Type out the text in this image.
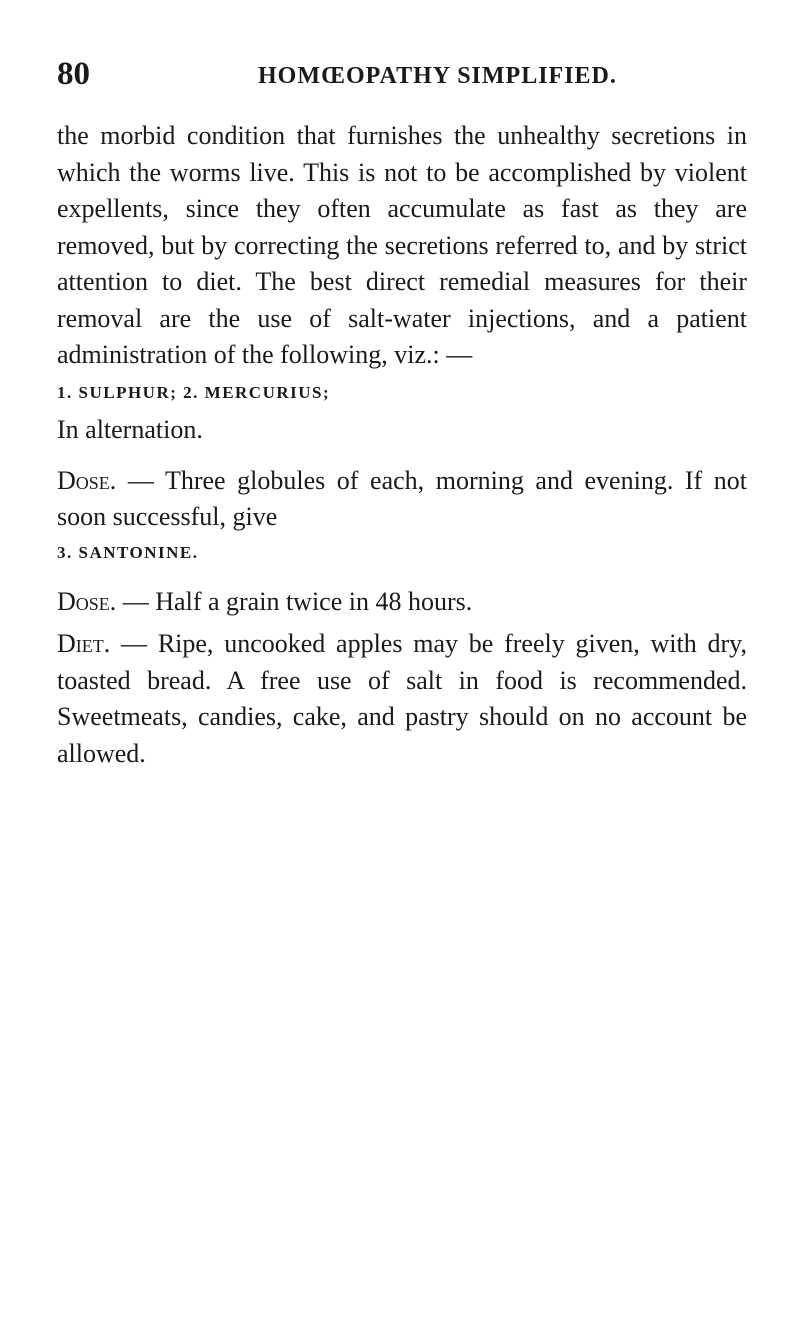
80	HOMŒOPATHY SIMPLIFIED.

the morbid condition that furnishes the unhealthy secretions in which the worms live. This is not to be accomplished by violent expellents, since they often accumulate as fast as they are removed, but by correcting the secretions referred to, and by strict attention to diet. The best direct remedial measures for their removal are the use of salt-water injections, and a patient administration of the following, viz.: —

1. SULPHUR; 2. MERCURIUS;
In alternation.

Dose. — Three globules of each, morning and evening. If not soon successful, give

3. SANTONINE.

Dose. — Half a grain twice in 48 hours.

Diet. — Ripe, uncooked apples may be freely given, with dry, toasted bread. A free use of salt in food is recommended. Sweetmeats, candies, cake, and pastry should on no account be allowed.
